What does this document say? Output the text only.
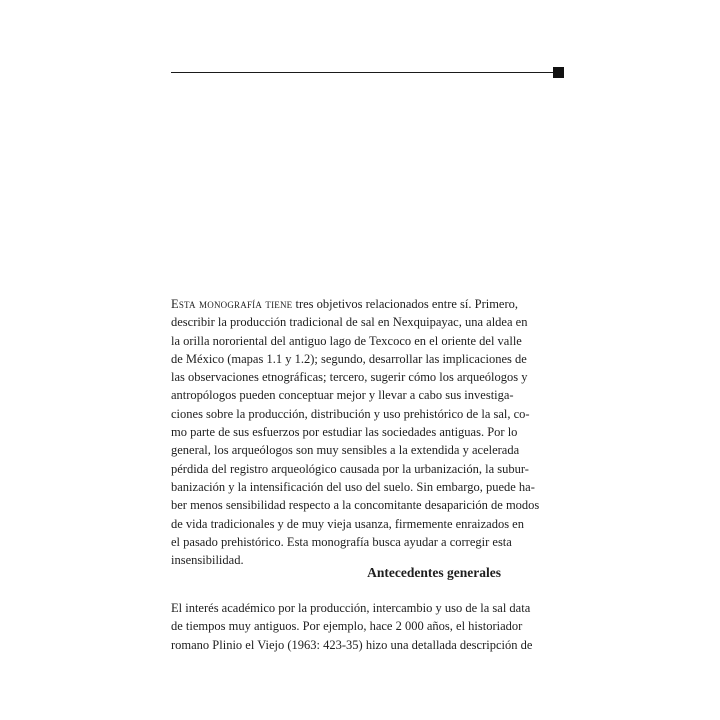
Esta monografía tiene tres objetivos relacionados entre sí. Primero,
describir la producción tradicional de sal en Nexquipayac, una aldea en
la orilla nororiental del antiguo lago de Texcoco en el oriente del valle
de México (mapas 1.1 y 1.2); segundo, desarrollar las implicaciones de
las observaciones etnográficas; tercero, sugerir cómo los arqueólogos y
antropólogos pueden conceptuar mejor y llevar a cabo sus investiga-
ciones sobre la producción, distribución y uso prehistórico de la sal, co-
mo parte de sus esfuerzos por estudiar las sociedades antiguas. Por lo
general, los arqueólogos son muy sensibles a la extendida y acelerada
pérdida del registro arqueológico causada por la urbanización, la subur-
banización y la intensificación del uso del suelo. Sin embargo, puede ha-
ber menos sensibilidad respecto a la concomitante desaparición de modos
de vida tradicionales y de muy vieja usanza, firmemente enraizados en
el pasado prehistórico. Esta monografía busca ayudar a corregir esta
insensibilidad.
Antecedentes generales
El interés académico por la producción, intercambio y uso de la sal data
de tiempos muy antiguos. Por ejemplo, hace 2 000 años, el historiador
romano Plinio el Viejo (1963: 423-35) hizo una detallada descripción de
